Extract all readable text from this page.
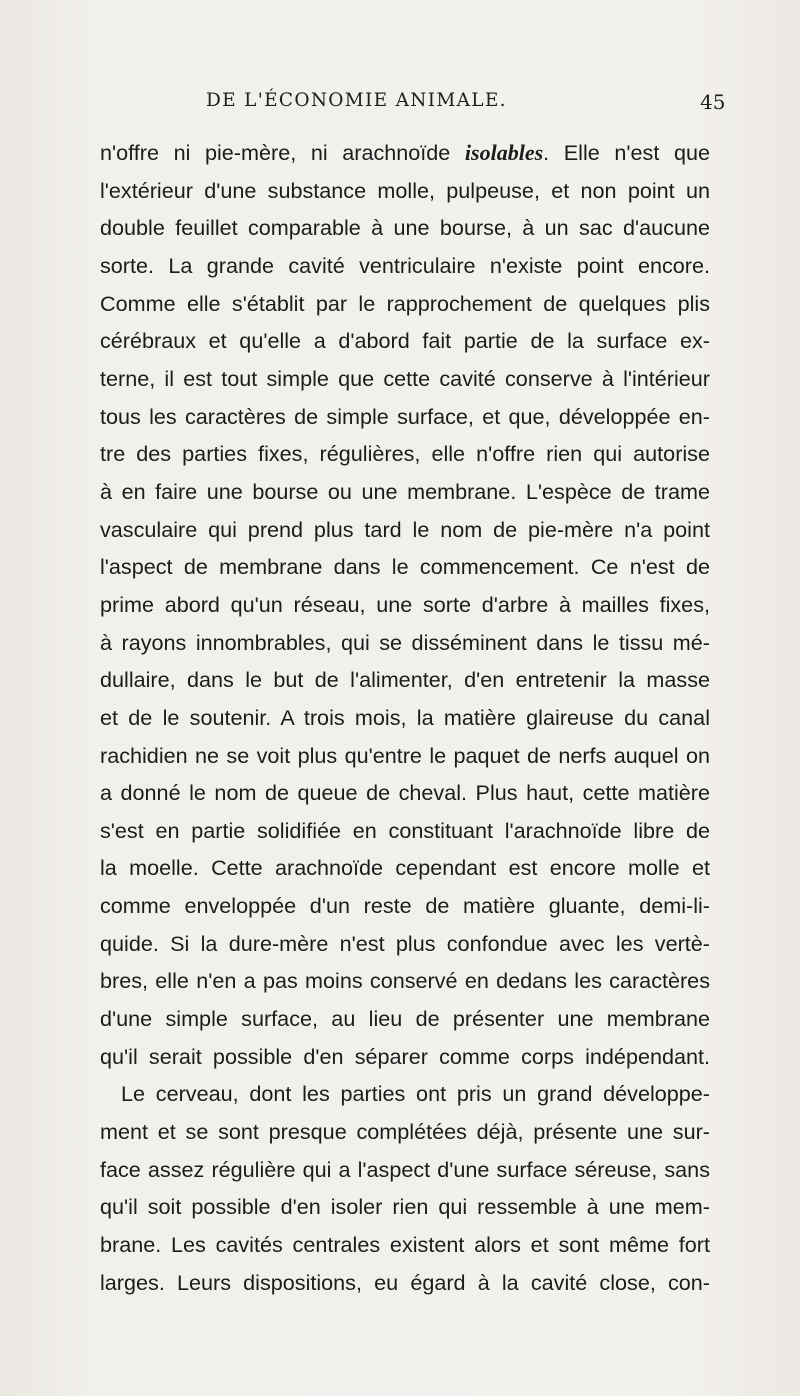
DE L'ÉCONOMIE ANIMALE.	45
n'offre ni pie-mère, ni arachnoïde isolables. Elle n'est que
l'extérieur d'une substance molle, pulpeuse, et non point un
double feuillet comparable à une bourse, à un sac d'aucune
sorte. La grande cavité ventriculaire n'existe point encore.
Comme elle s'établit par le rapprochement de quelques plis
cérébraux et qu'elle a d'abord fait partie de la surface ex-
terne, il est tout simple que cette cavité conserve à l'intérieur
tous les caractères de simple surface, et que, développée en-
tre des parties fixes, régulières, elle n'offre rien qui autorise
à en faire une bourse ou une membrane. L'espèce de trame
vasculaire qui prend plus tard le nom de pie-mère n'a point
l'aspect de membrane dans le commencement. Ce n'est de
prime abord qu'un réseau, une sorte d'arbre à mailles fixes,
à rayons innombrables, qui se disséminent dans le tissu mé-
dullaire, dans le but de l'alimenter, d'en entretenir la masse
et de le soutenir. A trois mois, la matière glaireuse du canal
rachidien ne se voit plus qu'entre le paquet de nerfs auquel on
a donné le nom de queue de cheval. Plus haut, cette matière
s'est en partie solidifiée en constituant l'arachnoïde libre de
la moelle. Cette arachnoïde cependant est encore molle et
comme enveloppée d'un reste de matière gluante, demi-li-
quide. Si la dure-mère n'est plus confondue avec les vertè-
bres, elle n'en a pas moins conservé en dedans les caractères
d'une simple surface, au lieu de présenter une membrane
qu'il serait possible d'en séparer comme corps indépendant.
Le cerveau, dont les parties ont pris un grand développe-
ment et se sont presque complétées déjà, présente une sur-
face assez régulière qui a l'aspect d'une surface séreuse, sans
qu'il soit possible d'en isoler rien qui ressemble à une mem-
brane. Les cavités centrales existent alors et sont même fort
larges. Leurs dispositions, eu égard à la cavité close, con-
